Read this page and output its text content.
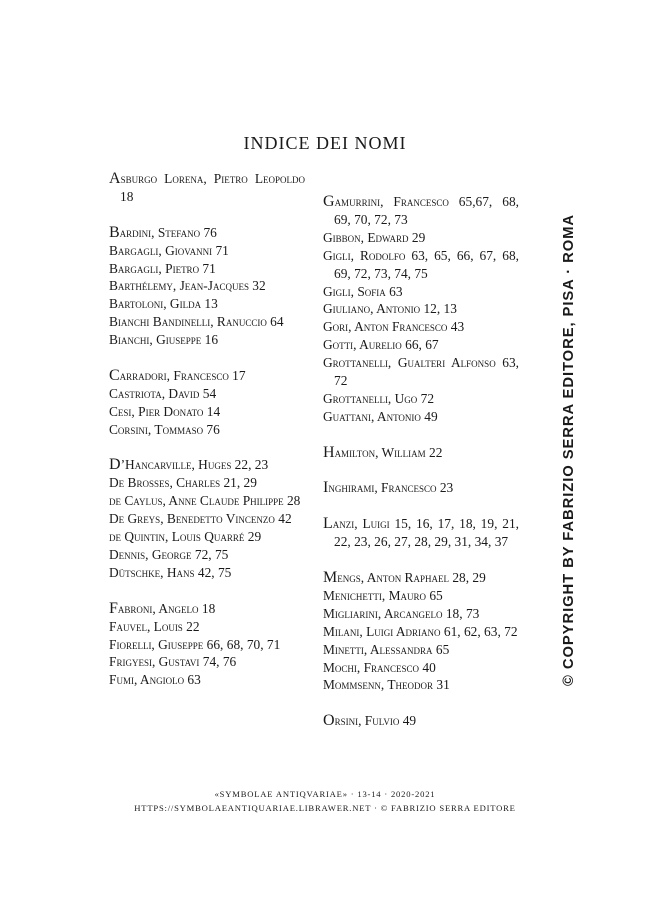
INDICE DEI NOMI

Asburgo Lorena, Pietro Leopoldo 18

Bardini, Stefano 76

Bargagli, Giovanni 71

Bargagli, Pietro 71

Barthélemy, Jean-Jacques 32

Bartoloni, Gilda 13

Bianchi Bandinelli, Ranuccio 64

Bianchi, Giuseppe 16

Carradori, Francesco 17

Castriota, David 54

Cesi, Pier Donato 14

Corsini, Tommaso 76

D’Hancarville, Huges 22, 23

De Brosses, Charles 21, 29

de Caylus, Anne Claude Philippe 28

De Greys, Benedetto Vincenzo 42

de Quintin, Louis Quarré 29

Dennis, George 72, 75

Dütschke, Hans 42, 75

Fabroni, Angelo 18

Fauvel, Louis 22

Fiorelli, Giuseppe 66, 68, 70, 71

Frigyesi, Gustavi 74, 76

Fumi, Angiolo 63

Gamurrini, Francesco 65,67, 68, 69, 70, 72, 73

Gibbon, Edward 29

Gigli, Rodolfo 63, 65, 66, 67, 68, 69, 72, 73, 74, 75

Gigli, Sofia 63

Giuliano, Antonio 12, 13

Gori, Anton Francesco 43

Gotti, Aurelio 66, 67

Grottanelli, Gualteri Alfonso 63, 72

Grottanelli, Ugo 72

Guattani, Antonio 49

Hamilton, William 22

Inghirami, Francesco 23

Lanzi, Luigi 15, 16, 17, 18, 19, 21, 22, 23, 26, 27, 28, 29, 31, 34, 37

Mengs, Anton Raphael 28, 29

Menichetti, Mauro 65

Migliarini, Arcangelo 18, 73

Milani, Luigi Adriano 61, 62, 63, 72

Minetti, Alessandra 65

Mochi, Francesco 40

Mommsenn, Theodor 31

Orsini, Fulvio 49

«SYMBOLAE ANTIQVARIAE» · 13-14 · 2020-2021
HTTPS://SYMBOLAEANTIQUARIAE.LIBRAWER.NET · © FABRIZIO SERRA EDITORE
© COPYRIGHT BY FABRIZIO SERRA EDITORE, PISA · ROMA
